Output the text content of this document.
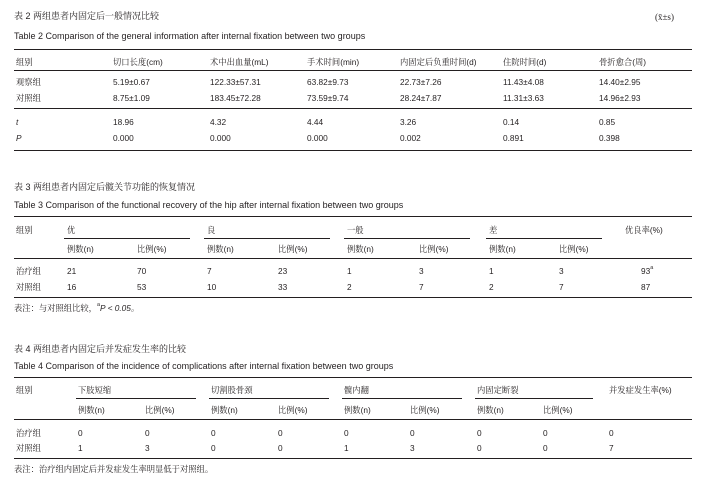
表 2 两组患者内固定后一般情况比较	(x̄±s)
Table 2 Comparison of the general information after internal fixation between two groups
组别	切口长度(cm)	术中出血量(mL)	手术时间(min)	内固定后负重时间(d)	住院时间(d)	骨折愈合(周)
观察组	5.19±0.67	122.33±57.31	63.82±9.73	22.73±7.26	11.43±4.08	14.40±2.95
对照组	8.75±1.09	183.45±72.28	73.59±9.74	28.24±7.87	11.31±3.63	14.96±2.93
t	18.96	4.32	4.44	3.26	0.14	0.85
P	0.000	0.000	0.000	0.002	0.891	0.398
表 3 两组患者内固定后髋关节功能的恢复情况
Table 3 Comparison of the functional recovery of the hip after internal fixation between two groups
组别	优	良	一般	差	优良率(%)
例数(n)	比例(%)	例数(n)	比例(%)	例数(n)	比例(%)	例数(n)	比例(%)
治疗组	21	70	7	23	1	3	1	3	93$^a$
对照组	16	53	10	33	2	7	2	7	87
表注：与对照组比较，$^a$P < 0.05。
表 4 两组患者内固定后并发症发生率的比较
Table 4 Comparison of the incidence of complications after internal fixation between two groups
组别	下肢短缩	切割股骨颈	髋内翻	内固定断裂	并发症发生率(%)
例数(n)	比例(%)	例数(n)	比例(%)	例数(n)	比例(%)	例数(n)	比例(%)
治疗组	0	0	0	0	0	0	0	0	0
对照组	1	3	0	0	1	3	0	0	7
表注：治疗组内固定后并发症发生率明显低于对照组。
